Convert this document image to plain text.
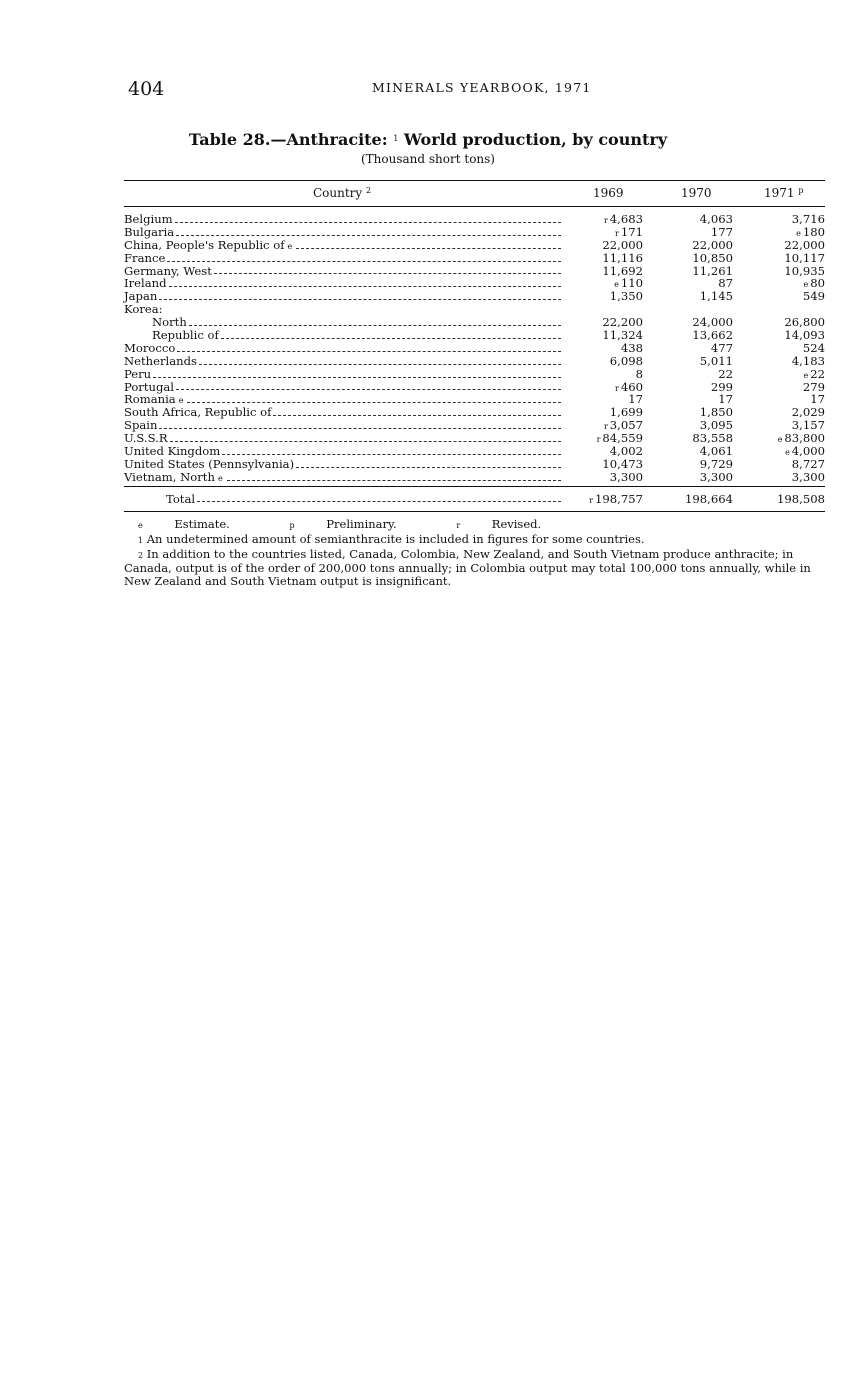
404	MINERALS YEARBOOK, 1971
Table 28.—Anthracite: $^1$ World production, by country
(Thousand short tons)
Country $^2$	1969	1970	1971 $^p$
Belgium	r 4,683	4,063	3,716
Bulgaria	r 171	177	e 180
China, People's Republic of e	22,000	22,000	22,000
France	11,116	10,850	10,117
Germany, West	11,692	11,261	10,935
Ireland	e 110	87	e 80
Japan	1,350	1,145	549
Korea:
North	22,200	24,000	26,800
Republic of	11,324	13,662	14,093
Morocco	438	477	524
Netherlands	6,098	5,011	4,183
Peru	8	22	e 22
Portugal	r 460	299	279
Romania e	17	17	17
South Africa, Republic of	1,699	1,850	2,029
Spain	r 3,057	3,095	3,157
U.S.S.R	r 84,559	83,558	e 83,800
United Kingdom	4,002	4,061	e 4,000
United States (Pennsylvania)	10,473	9,729	8,727
Vietnam, North e	3,300	3,300	3,300
Total	r 198,757	198,664	198,508

e	Estimate.	p	Preliminary.	r	Revised.

1 An undetermined amount of semianthracite is included in figures for some countries.

2 In addition to the countries listed, Canada, Colombia, New Zealand, and South Vietnam produce anthracite; in Canada, output is of the order of 200,000 tons annually; in Colombia output may total 100,000 tons annually, while in New Zealand and South Vietnam output is insignificant.
